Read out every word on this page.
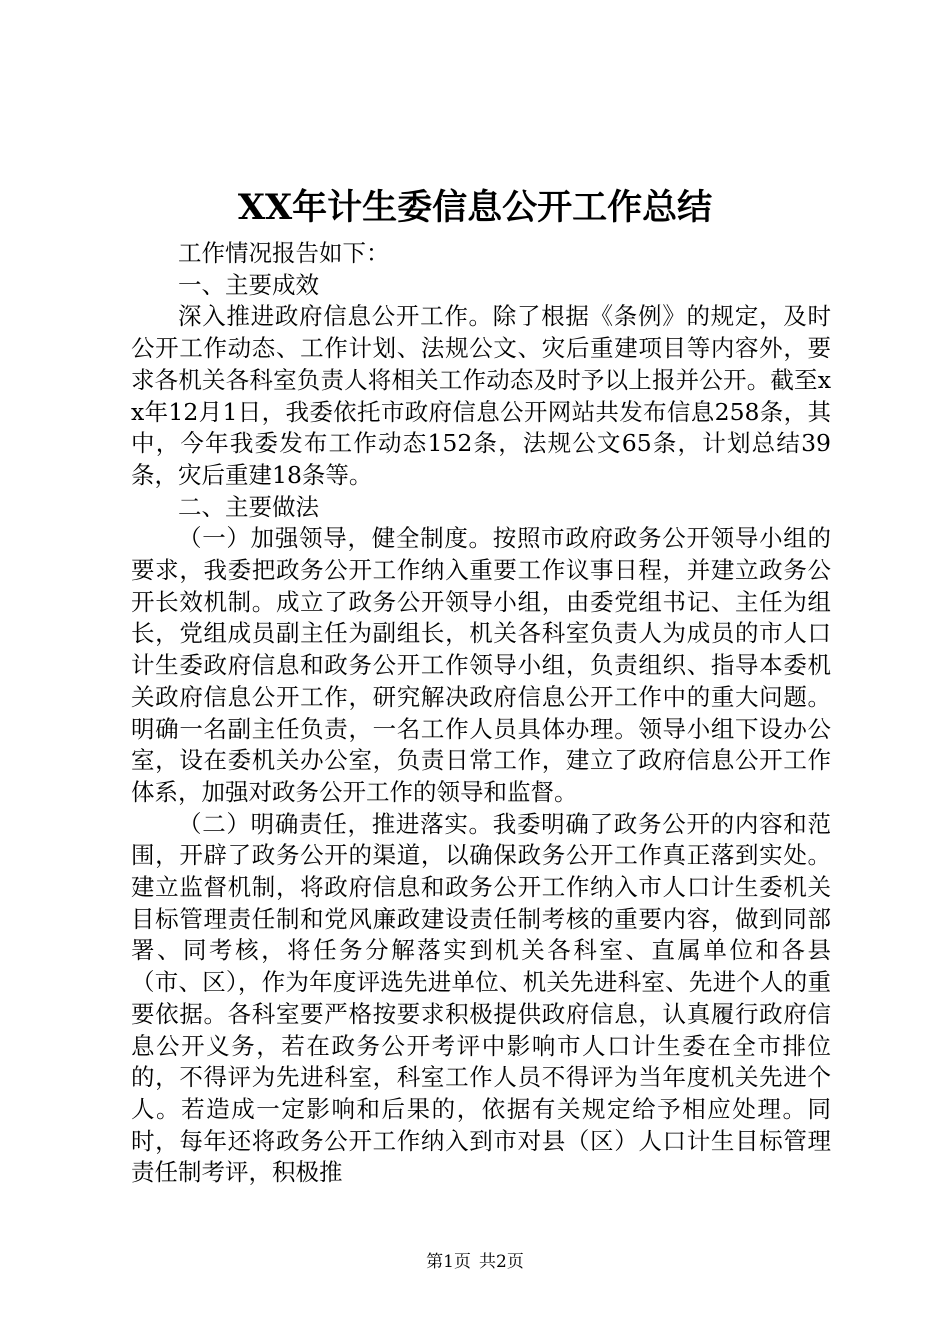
XX年计生委信息公开工作总结

工作情况报告如下：

一、主要成效

深入推进政府信息公开工作。除了根据《条例》的规定，及时公开工作动态、工作计划、法规公文、灾后重建项目等内容外，要求各机关各科室负责人将相关工作动态及时予以上报并公开。截至xx年12月1日，我委依托市政府信息公开网站共发布信息258条，其中，今年我委发布工作动态152条，法规公文65条，计划总结39条，灾后重建18条等。

二、主要做法

（一）加强领导，健全制度。按照市政府政务公开领导小组的要求，我委把政务公开工作纳入重要工作议事日程，并建立政务公开长效机制。成立了政务公开领导小组，由委党组书记、主任为组长，党组成员副主任为副组长，机关各科室负责人为成员的市人口计生委政府信息和政务公开工作领导小组，负责组织、指导本委机关政府信息公开工作，研究解决政府信息公开工作中的重大问题。明确一名副主任负责，一名工作人员具体办理。领导小组下设办公室，设在委机关办公室，负责日常工作，建立了政府信息公开工作体系，加强对政务公开工作的领导和监督。

（二）明确责任，推进落实。我委明确了政务公开的内容和范围，开辟了政务公开的渠道，以确保政务公开工作真正落到实处。建立监督机制，将政府信息和政务公开工作纳入市人口计生委机关目标管理责任制和党风廉政建设责任制考核的重要内容，做到同部署、同考核，将任务分解落实到机关各科室、直属单位和各县（市、区），作为年度评选先进单位、机关先进科室、先进个人的重要依据。各科室要严格按要求积极提供政府信息，认真履行政府信息公开义务，若在政务公开考评中影响市人口计生委在全市排位的，不得评为先进科室，科室工作人员不得评为当年度机关先进个人。若造成一定影响和后果的，依据有关规定给予相应处理。同时，每年还将政务公开工作纳入到市对县（区）人口计生目标管理责任制考评，积极推

第1页 共2页
